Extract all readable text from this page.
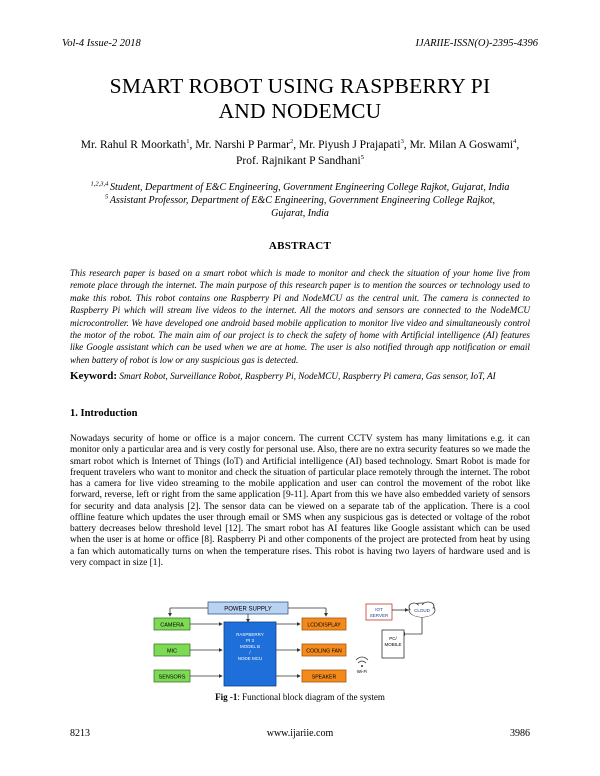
Vol-4 Issue-2 2018	IJARIIE-ISSN(O)-2395-4396
SMART ROBOT USING RASPBERRY PI
AND NODEMCU
Mr. Rahul R Moorkath$^1$, Mr. Narshi P Parmar$^2$, Mr. Piyush J Prajapati$^3$, Mr. Milan A Goswami$^4$,
Prof. Rajnikant P Sandhani$^5$
$^{1,2,3,4}$ Student, Department of E&C Engineering, Government Engineering College Rajkot, Gujarat, India
$^5$ Assistant Professor, Department of E&C Engineering, Government Engineering College Rajkot,
Gujarat, India
ABSTRACT
This research paper is based on a smart robot which is made to monitor and check the situation of your home live from remote place through the internet. The main purpose of this research paper is to mention the sources or technology used to make this robot. This robot contains one Raspberry Pi and NodeMCU as the central unit. The camera is connected to Raspberry Pi which will stream live videos to the internet. All the motors and sensors are connected to the NodeMCU microcontroller. We have developed one android based mobile application to monitor live video and simultaneously control the motor of the robot. The main aim of our project is to check the safety of home with Artificial intelligence (AI) features like Google assistant which can be used when we are at home. The user is also notified through app notification or email when battery of robot is low or any suspicious gas is detected.
Keyword: Smart Robot, Surveillance Robot, Raspberry Pi, NodeMCU, Raspberry Pi camera, Gas sensor, IoT, AI
1. Introduction
Nowadays security of home or office is a major concern. The current CCTV system has many limitations e.g. it can monitor only a particular area and is very costly for personal use. Also, there are no extra security features so we made the smart robot which is Internet of Things (IoT) and Artificial intelligence (AI) based technology. Smart Robot is made for frequent travelers who want to monitor and check the situation of particular place remotely through the internet. The robot has a camera for live video streaming to the mobile application and user can control the movement of the robot like forward, reverse, left or right from the same application [9-11]. Apart from this we have also embedded variety of sensors for security and data analysis [2]. The sensor data can be viewed on a separate tab of the application. There is a cool offline feature which updates the user through email or SMS when any suspicious gas is detected or voltage of the robot battery decreases below threshold level [12]. The smart robot has AI features like Google assistant which can be used when the user is at home or office [8]. Raspberry Pi and other components of the project are protected from heat by using a fan which automatically turns on when the temperature rises. This robot is having two layers of hardware used and is very compact in size [1].
POWER SUPPLY
CAMERA
MIC
SENSORS
RASPBERRY
PI 3
MODEL B
/
NODE MCU
LCD/DISPLAY
COOLING FAN
SPEAKER
Wi-Fi
IOT
SERVER
CLOUD
PC/
MOBILE
Fig -1: Functional block diagram of the system
8213	www.ijariie.com	3986
